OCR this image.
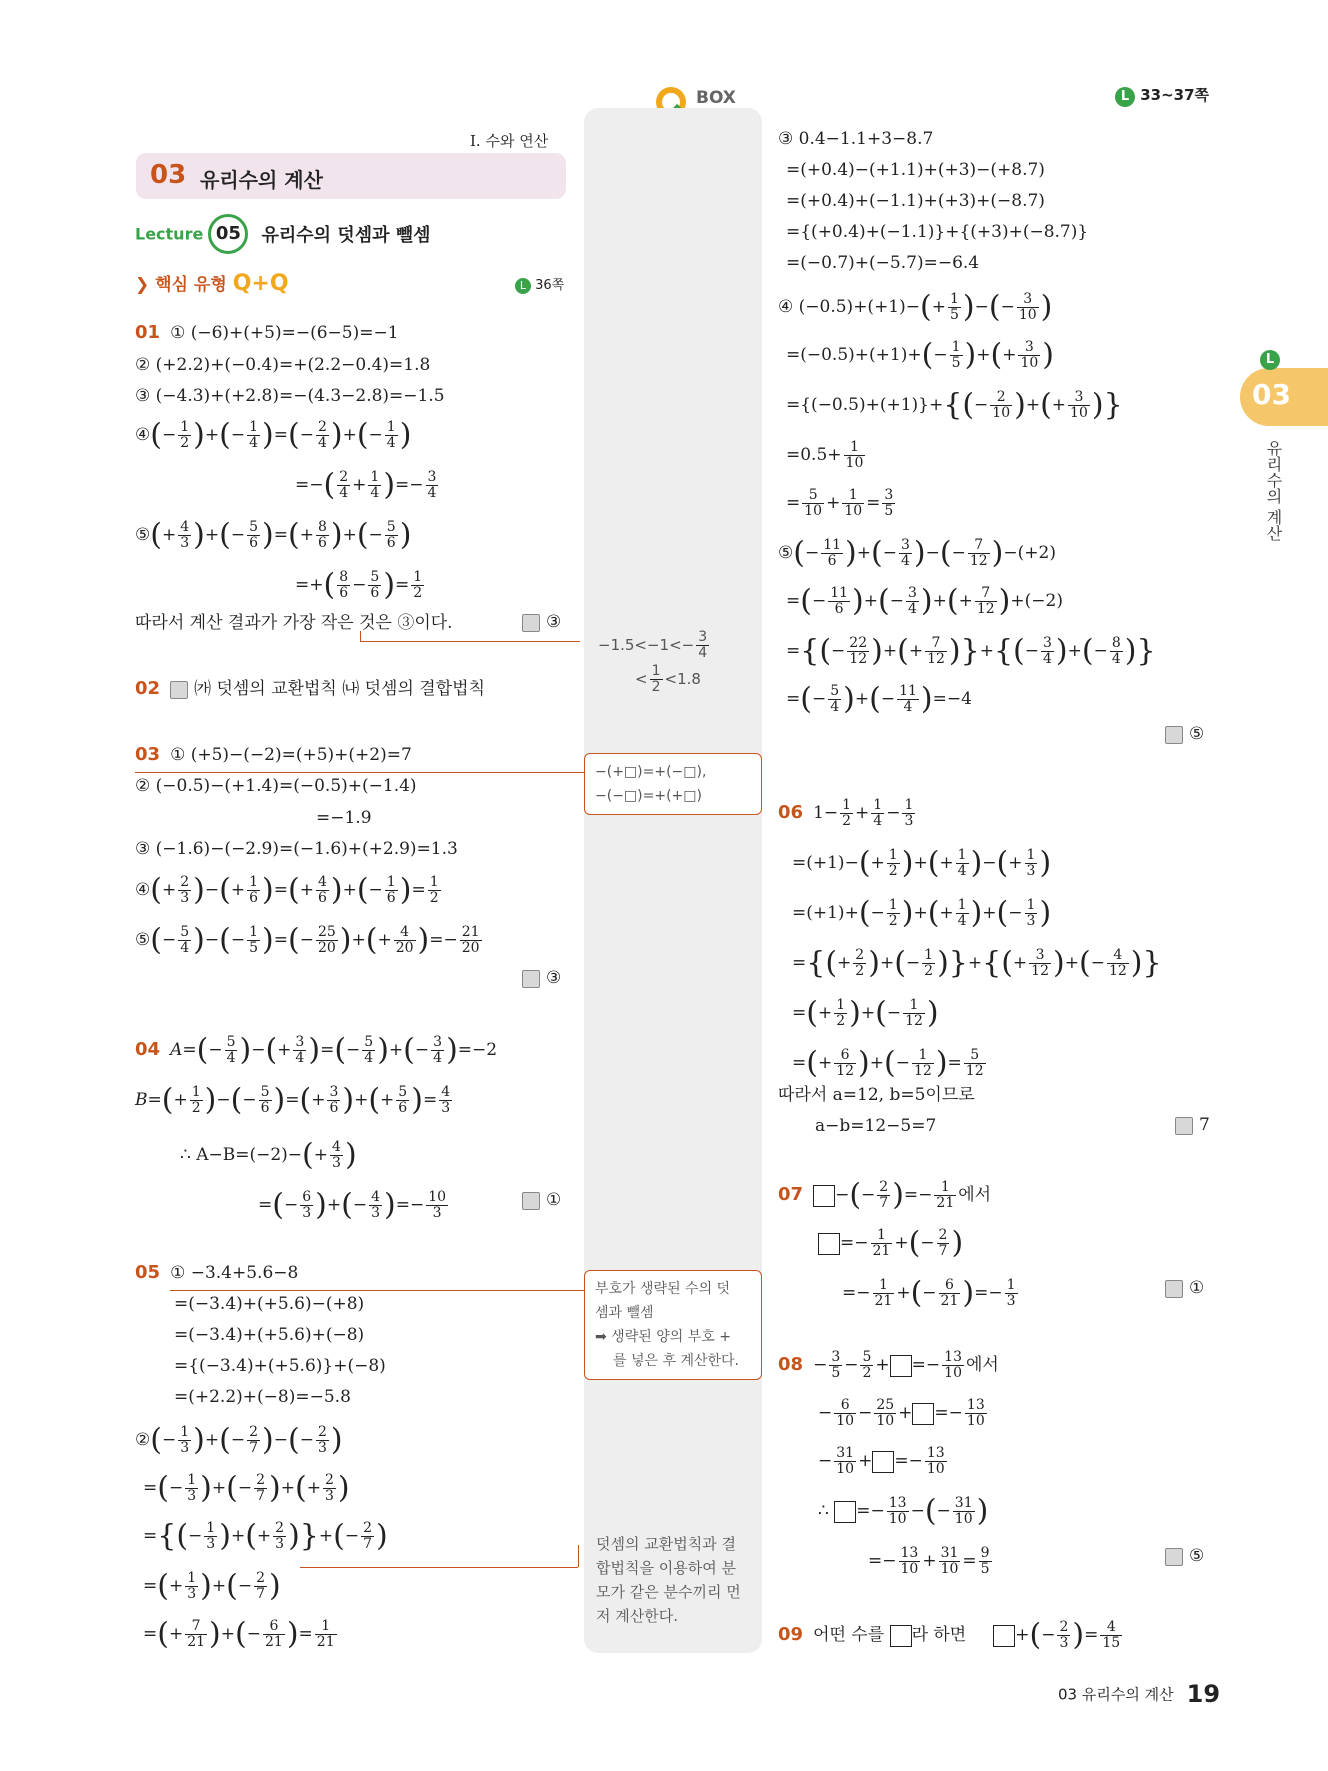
BOX	L 33~37쪽
I. 수와 연산
03 유리수의 계산
Lecture 05 유리수의 덧셈과 뺄셈
❯ 핵심 유형 Q+Q	L 36쪽
01 ① (−6)+(+5)=−(6−5)=−1
② (+2.2)+(−0.4)=+(2.2−0.4)=1.8
③ (−4.3)+(+2.8)=−(4.3−2.8)=−1.5
④(− $\frac{1}{2}$ )+(− $\frac{1}{4}$ )=(− $\frac{2}{4}$ )+(− $\frac{1}{4}$ )
=−( $\frac{2}{4} + \frac{1}{4}$ )=− $\frac{3}{4}$
⑤(+ $\frac{4}{3}$ )+(− $\frac{5}{6}$ )=(+ $\frac{8}{6}$ )+(− $\frac{5}{6}$ )
=+( $\frac{8}{6} - \frac{5}{6}$ )= $\frac{1}{2}$
따라서 계산 결과가 가장 작은 것은 ③이다.	③
$-1.5<-1<- \frac{3}{4}$
< $\frac{1}{2} <1.8$
02 ㈎ 덧셈의 교환법칙 ㈏ 덧셈의 결합법칙
03 ① (+5)−(−2)=(+5)+(+2)=7
② (−0.5)−(+1.4)=(−0.5)+(−1.4)
=−1.9
③ (−1.6)−(−2.9)=(−1.6)+(+2.9)=1.3
④(+ $\frac{2}{3}$ )−(+ $\frac{1}{6}$ )=(+ $\frac{4}{6}$ )+(− $\frac{1}{6}$ )= $\frac{1}{2}$
⑤(− $\frac{5}{4}$ )−(− $\frac{1}{5}$ )=(− $\frac{25}{20}$ )+(+ $\frac{4}{20}$ )=− $\frac{21}{20}$
③
−(+□)=+(−□),
−(−□)=+(+□)
04 $A=(- \frac{5}{4}$ )−(+ $\frac{3}{4}$ )=(− $\frac{5}{4}$ )+(− $\frac{3}{4} )=-2$
$B=(+ \frac{1}{2}$ )−(− $\frac{5}{6}$ )=(+ $\frac{3}{6}$ )+(+ $\frac{5}{6}$ )= $\frac{4}{3}$
∴ $A-B=(-2)-(+ \frac{4}{3}$ )
=(− $\frac{6}{3}$ )+(− $\frac{4}{3}$ )=− $\frac{10}{3}$	①
05 ① −3.4+5.6−8
=(−3.4)+(+5.6)−(+8)
=(−3.4)+(+5.6)+(−8)
={(−3.4)+(+5.6)}+(−8)
=(+2.2)+(−8)=−5.8
②(− $\frac{1}{3}$ )+(− $\frac{2}{7}$ )−(− $\frac{2}{3}$ )
=(− $\frac{1}{3}$ )+(− $\frac{2}{7}$ )+(+ $\frac{2}{3}$ )
={(− $\frac{1}{3}$ )+(+ $\frac{2}{3}$ )}+(− $\frac{2}{7}$ )
=(+ $\frac{1}{3}$ )+(− $\frac{2}{7}$ )
=(+ $\frac{7}{21}$ )+(− $\frac{6}{21}$ )= $\frac{1}{21}$
부호가 생략된 수의 덧
셈과 뺄셈
➡ 생략된 양의 부호 +
를 넣은 후 계산한다.
덧셈의 교환법칙과 결
합법칙을 이용하여 분
모가 같은 분수끼리 먼
저 계산한다.
③ 0.4−1.1+3−8.7
=(+0.4)−(+1.1)+(+3)−(+8.7)
=(+0.4)+(−1.1)+(+3)+(−8.7)
={(+0.4)+(−1.1)}+{(+3)+(−8.7)}
=(−0.7)+(−5.7)=−6.4
④ $(-0.5)+(+1)-(+ \frac{1}{5}$ )−(− $\frac{3}{10}$ )
$=(-0.5)+(+1)+(- \frac{1}{5}$ )+(+ $\frac{3}{10}$ )
$=\{(-0.5)+(+1)\}+\{(- \frac{2}{10}$ )+(+ $\frac{3}{10}$ )}
$=0.5+ \frac{1}{10}$
= $\frac{5}{10} + \frac{1}{10} = \frac{3}{5}$
⑤(− $\frac{11}{6}$ )+(− $\frac{3}{4}$ )−(− $\frac{7}{12} )-(+2)$
=(− $\frac{11}{6}$ )+(− $\frac{3}{4}$ )+(+ $\frac{7}{12} )+(-2)$
={(− $\frac{22}{12}$ )+(+ $\frac{7}{12}$ )}+{(− $\frac{3}{4}$ )+(− $\frac{8}{4}$ )}
=(− $\frac{5}{4}$ )+(− $\frac{11}{4} )=-4$
⑤
06 $1- \frac{1}{2} + \frac{1}{4} - \frac{1}{3}$
$=(+1)-(+ \frac{1}{2}$ )+(+ $\frac{1}{4}$ )−(+ $\frac{1}{3}$ )
$=(+1)+(- \frac{1}{2}$ )+(+ $\frac{1}{4}$ )+(− $\frac{1}{3}$ )
={(+ $\frac{2}{2}$ )+(− $\frac{1}{2}$ )}+{(+ $\frac{3}{12}$ )+(− $\frac{4}{12}$ )}
=(+ $\frac{1}{2}$ )+(− $\frac{1}{12}$ )
=(+ $\frac{6}{12}$ )+(− $\frac{1}{12}$ )= $\frac{5}{12}$
따라서 a=12, b=5이므로
a−b=12−5=7	7
07 −(− $\frac{2}{7}$ )=− $\frac{1}{21}$ 에서
=− $\frac{1}{21}$ +(− $\frac{2}{7}$ )
=− $\frac{1}{21}$ +(− $\frac{6}{21}$ )=− $\frac{1}{3}$	①
$08 - \frac{3}{5} - \frac{5}{2}$ + =− $\frac{13}{10}$ 에서
− $\frac{6}{10} - \frac{25}{10}$ + =− $\frac{13}{10}$
− $\frac{31}{10}$ + =− $\frac{13}{10}$
∴ =− $\frac{13}{10}$ −(− $\frac{31}{10}$ )
=− $\frac{13}{10} + \frac{31}{10} = \frac{9}{5}$	⑤
09 어떤 수를 라 하면	+(− $\frac{2}{3}$ )= $\frac{4}{15}$
L
03
유리수의 계산
03 유리수의 계산 19
